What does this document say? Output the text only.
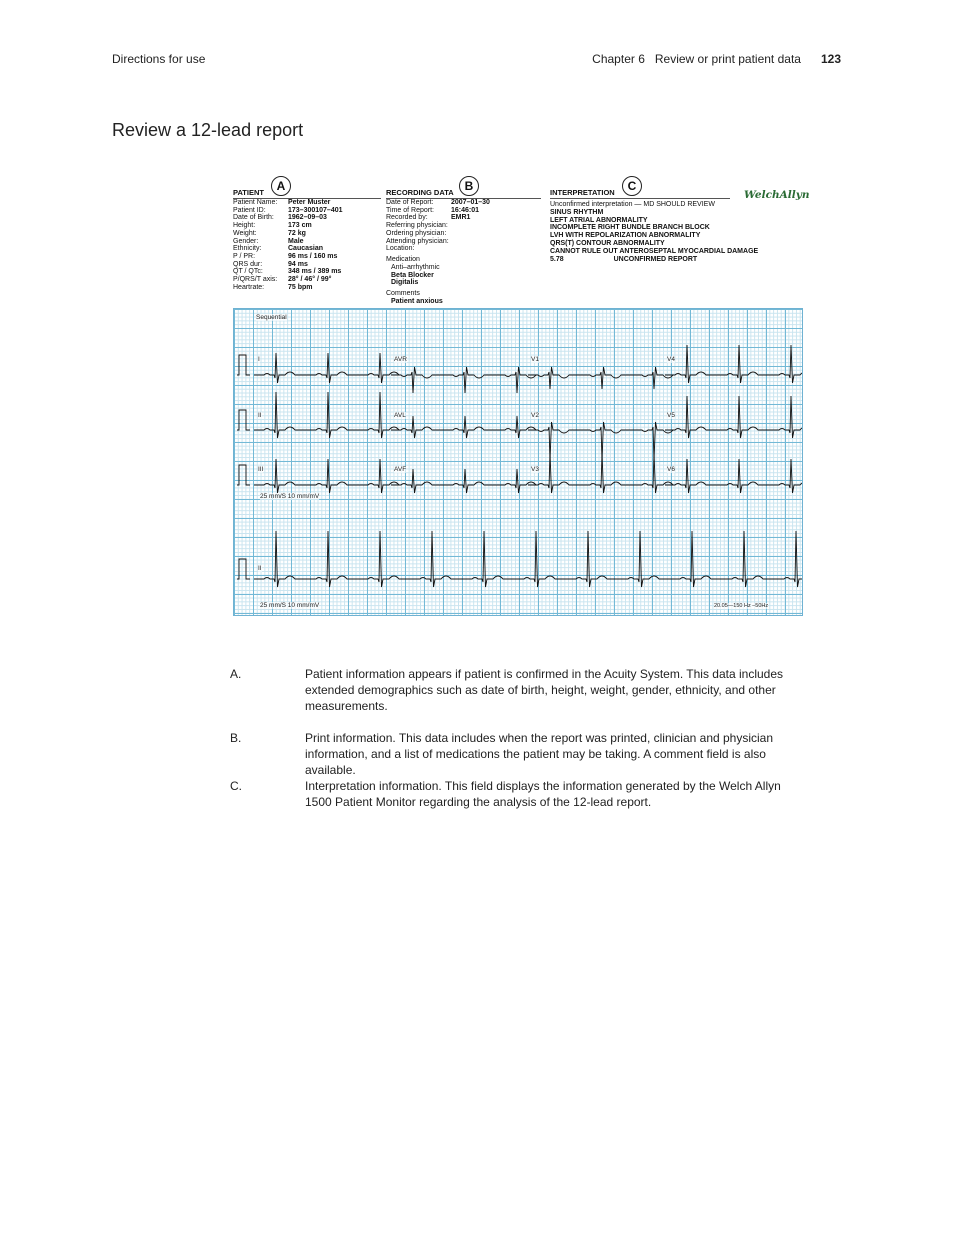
Directions for use	Chapter 6 Review or print patient data 123
Review a 12-lead report
A	B	C
PATIENT
Patient Name:	Peter Muster
Patient ID:	173–300107–401
Date of Birth:	1962–09–03
Height:	173 cm
Weight:	72 kg
Gender:	Male
Ethnicity:	Caucasian
P / PR:	96 ms / 160 ms
QRS dur:	94 ms
QT / QTc:	348 ms / 389 ms
P/QRS/T axis:	28° / 46° / 99°
Heartrate:	75 bpm
RECORDING DATA
Date of Report:	2007–01–30
Time of Report:	16:46:01
Recorded by:	EMR1
Referring physician:
Ordering physician:
Attending physician:
Location:
Medication
Anti–arrhythmic
Beta Blocker
Digitalis
Comments
Patient anxious
INTERPRETATION
Unconfirmed interpretation — MD SHOULD REVIEW
SINUS RHYTHM
LEFT ATRIAL ABNORMALITY
INCOMPLETE RIGHT BUNDLE BRANCH BLOCK
LVH WITH REPOLARIZATION ABNORMALITY
QRS(T) CONTOUR ABNORMALITY
CANNOT RULE OUT ANTEROSEPTAL MYOCARDIAL DAMAGE
5.78	UNCONFIRMED REPORT
WelchAllyn
Sequential
I	AVR	V1	V4
II	AVL	V2	V5
III	AVF	V3	V6
II
25 mm/S 10 mm/mV
25 mm/S 10 mm/mV	20.05—150 Hz –50Hz
A.	Patient information appears if patient is confirmed in the Acuity System. This data includes extended demographics such as date of birth, height, weight, gender, ethnicity, and other measurements.
B.	Print information. This data includes when the report was printed, clinician and physician information, and a list of medications the patient may be taking. A comment field is also available.
C.	Interpretation information. This field displays the information generated by the Welch Allyn 1500 Patient Monitor regarding the analysis of the 12-lead report.
